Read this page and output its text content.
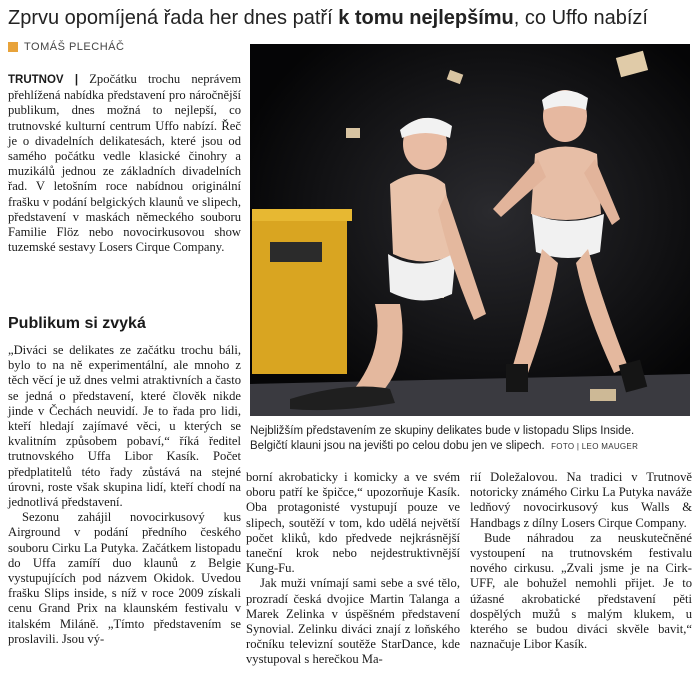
Zprvu opomíjená řada her dnes patří k tomu nejlepšímu, co Uffo nabízí
TOMÁŠ PLECHÁČ

TRUTNOV | Zpočátku trochu neprávem přehlížená nabídka představení pro náročnější publikum, dnes možná to nejlepší, co trutnovské kulturní centrum Uffo nabízí. Řeč je o divadelních delikatesách, které jsou od samého počátku vedle klasické činohry a muzikálů jednou ze základních divadelních řad. V letošním roce nabídnou originální frašku v podání belgických klaunů ve slipech, představení v maskách německého souboru Familie Flöz nebo novocirkusovou show tuzemské sestavy Losers Cirque Company.

Publikum si zvyká

„Diváci se delikates ze začátku trochu báli, bylo to na ně experimentální, ale mnoho z těch věcí je už dnes velmi atraktivních a často se jedná o představení, které člověk nikde jinde v Čechách neuvidí. Je to řada pro lidi, kteří hledají zajímavé věci, u kterých se kvalitním způsobem pobaví,“ říká ředitel trutnovského Uffa Libor Kasík. Počet předplatitelů této řady zůstává na stejné úrovni, roste však skupina lidí, kteří chodí na jednotlivá představení.

Sezonu zahájil novocirkusový kus Airground v podání předního českého souboru Cirku La Putyka. Začátkem listopadu do Uffa zamíří duo klaunů z Belgie vystupujících pod názvem Okidok. Uvedou frašku Slips inside, s níž v roce 2009 získali cenu Grand Prix na klaunském festivalu v italském Miláně. „Tímto představením se proslavili. Jsou vý-

Nejbližším představením ze skupiny delikates bude v listopadu Slips Inside.
Belgičtí klauni jsou na jevišti po celou dobu jen ve slipech. FOTO | LEO MAUGER

borní akrobaticky i komicky a ve svém oboru patří ke špičce,“ upozorňuje Kasík. Oba protagonisté vystupují pouze ve slipech, soutěží v tom, kdo udělá největší počet kliků, kdo předvede nejkrásnější taneční krok nebo nejdestruktivnější Kung-Fu.

Jak muži vnímají sami sebe a své tělo, prozradí česká dvojice Martin Talanga a Marek Zelinka v úspěšném představení Synovial. Zelinku diváci znají z loňského ročníku televizní soutěže StarDance, kde vystupoval s herečkou Ma-

rií Doležalovou. Na tradici v Trutnově notoricky známého Cirku La Putyka naváže ledňový novocirkusový kus Walls & Handbags z dílny Losers Cirque Company.

Bude náhradou za neuskutečněné vystoupení na trutnovském festivalu nového cirkusu. „Zvali jsme je na Cirk-UFF, ale bohužel nemohli přijet. Je to úžasné akrobatické představení pěti dospělých mužů s malým klukem, u kterého se budou diváci skvěle bavit,“ naznačuje Libor Kasík.
